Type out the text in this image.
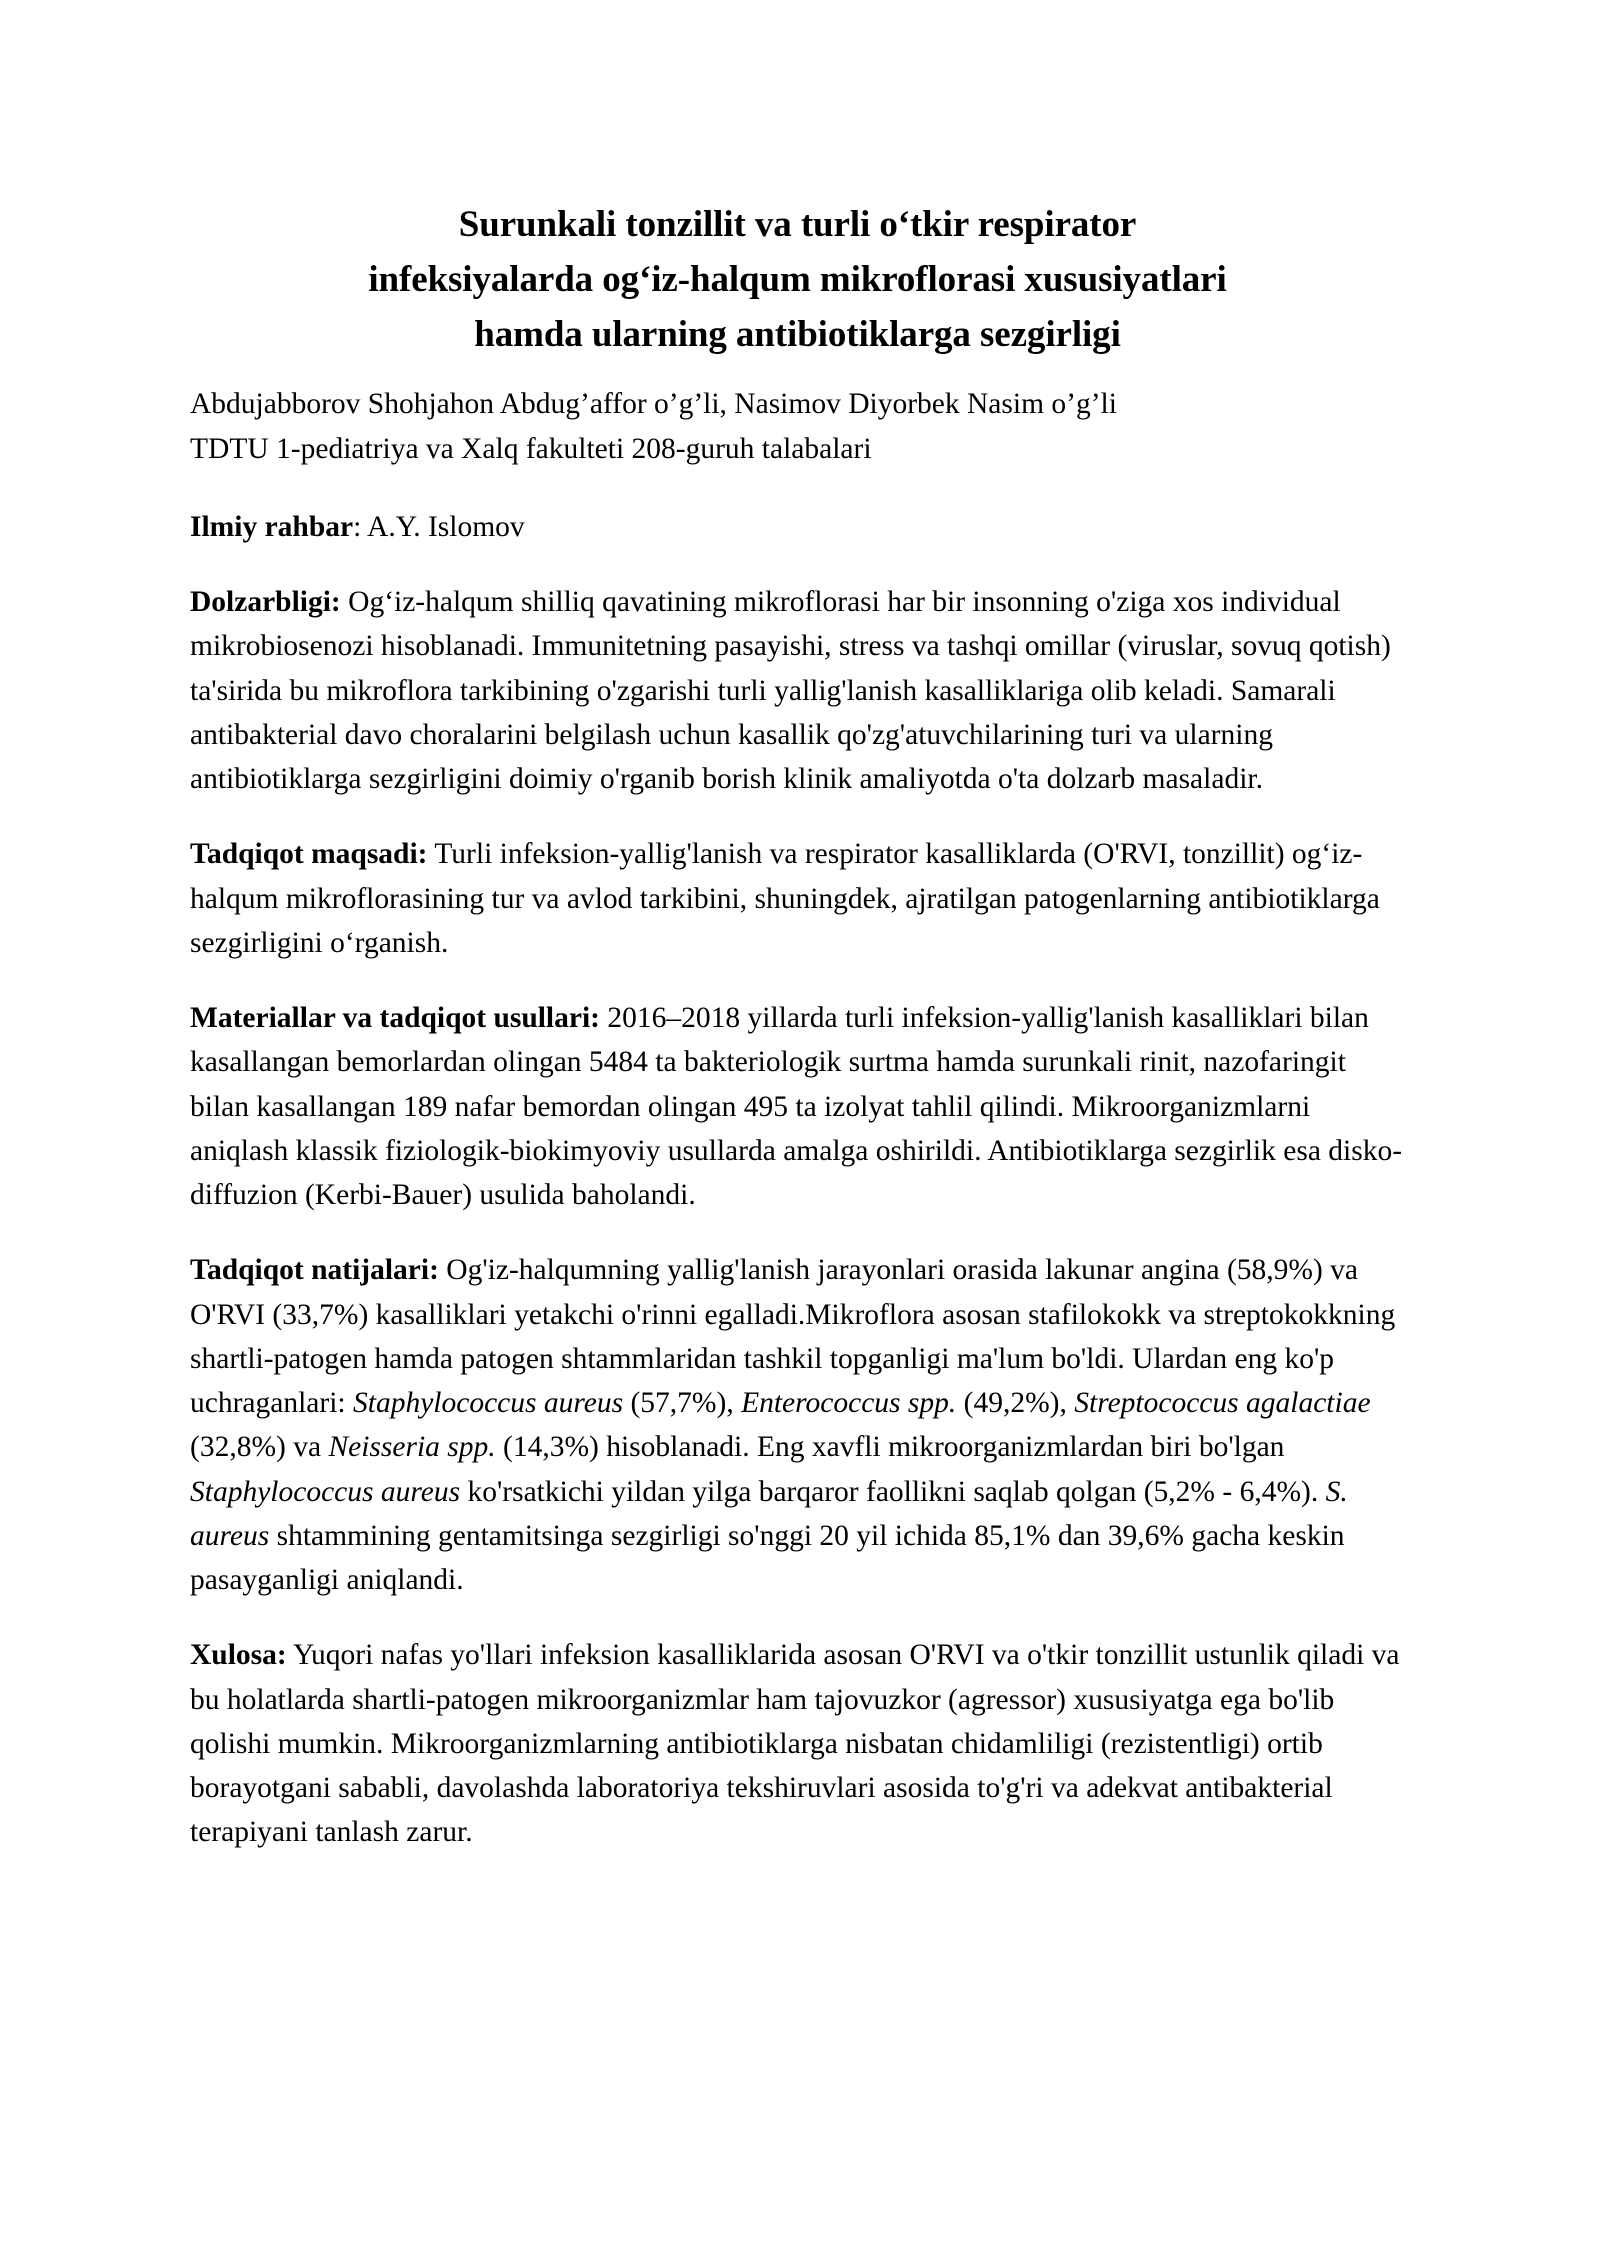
Surunkali tonzillit va turli o‘tkir respirator
infeksiyalarda og‘iz-halqum mikroflorasi xususiyatlari
hamda ularning antibiotiklarga sezgirligi
Abdujabborov Shohjahon Abdug’affor o’g’li, Nasimov Diyorbek Nasim o’g’li
TDTU 1-pediatriya va Xalq fakulteti 208-guruh talabalari
Ilmiy rahbar: A.Y. Islomov

Dolzarbligi: Og‘iz-halqum shilliq qavatining mikroflorasi har bir insonning o'ziga xos individual mikrobiosenozi hisoblanadi. Immunitetning pasayishi, stress va tashqi omillar (viruslar, sovuq qotish) ta'sirida bu mikroflora tarkibining o'zgarishi turli yallig'lanish kasalliklariga olib keladi. Samarali antibakterial davo choralarini belgilash uchun kasallik qo'zg'atuvchilarining turi va ularning antibiotiklarga sezgirligini doimiy o'rganib borish klinik amaliyotda o'ta dolzarb masaladir.

Tadqiqot maqsadi: Turli infeksion-yallig'lanish va respirator kasalliklarda (O'RVI, tonzillit) og‘iz-halqum mikroflorasining tur va avlod tarkibini, shuningdek, ajratilgan patogenlarning antibiotiklarga sezgirligini o‘rganish.

Materiallar va tadqiqot usullari: 2016–2018 yillarda turli infeksion-yallig'lanish kasalliklari bilan kasallangan bemorlardan olingan 5484 ta bakteriologik surtma hamda surunkali rinit, nazofaringit bilan kasallangan 189 nafar bemordan olingan 495 ta izolyat tahlil qilindi. Mikroorganizmlarni aniqlash klassik fiziologik-biokimyoviy usullarda amalga oshirildi. Antibiotiklarga sezgirlik esa disko-diffuzion (Kerbi-Bauer) usulida baholandi.

Tadqiqot natijalari: Og'iz-halqumning yallig'lanish jarayonlari orasida lakunar angina (58,9%) va O'RVI (33,7%) kasalliklari yetakchi o'rinni egalladi.Mikroflora asosan stafilokokk va streptokokkning shartli-patogen hamda patogen shtammlaridan tashkil topganligi ma'lum bo'ldi. Ulardan eng ko'p uchraganlari: Staphylococcus aureus (57,7%), Enterococcus spp. (49,2%), Streptococcus agalactiae (32,8%) va Neisseria spp. (14,3%) hisoblanadi. Eng xavfli mikroorganizmlardan biri bo'lgan Staphylococcus aureus ko'rsatkichi yildan yilga barqaror faollikni saqlab qolgan (5,2% - 6,4%). S. aureus shtammining gentamitsinga sezgirligi so'nggi 20 yil ichida 85,1% dan 39,6% gacha keskin pasayganligi aniqlandi.

Xulosa: Yuqori nafas yo'llari infeksion kasalliklarida asosan O'RVI va o'tkir tonzillit ustunlik qiladi va bu holatlarda shartli-patogen mikroorganizmlar ham tajovuzkor (agressor) xususiyatga ega bo'lib qolishi mumkin. Mikroorganizmlarning antibiotiklarga nisbatan chidamliligi (rezistentligi) ortib borayotgani sababli, davolashda laboratoriya tekshiruvlari asosida to'g'ri va adekvat antibakterial terapiyani tanlash zarur.
